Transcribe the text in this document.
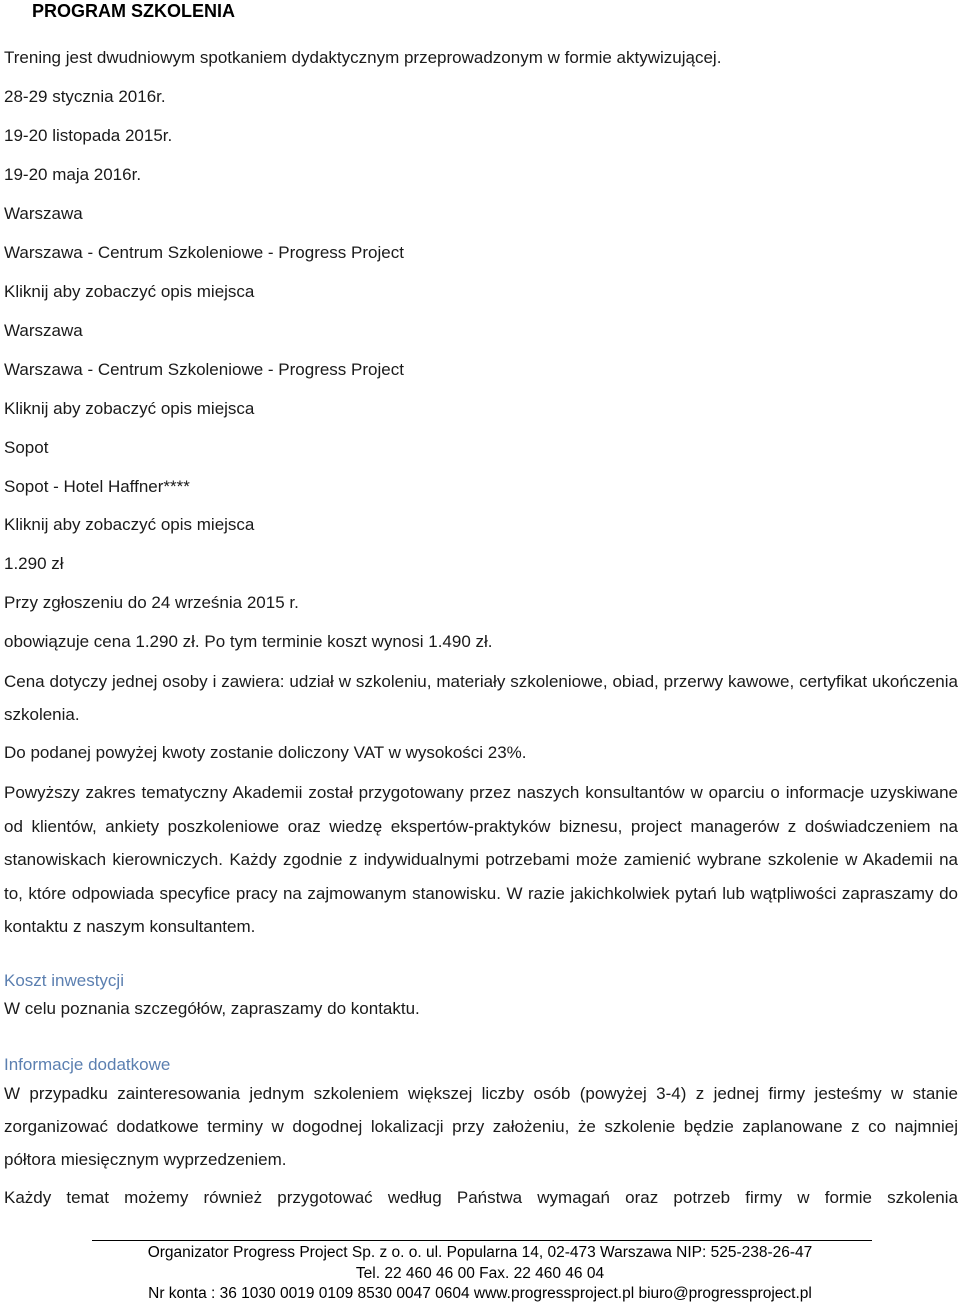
PROGRAM SZKOLENIA
Trening jest dwudniowym spotkaniem dydaktycznym przeprowadzonym w formie aktywizującej.
28-29 stycznia 2016r.
19-20 listopada 2015r.
19-20 maja 2016r.
Warszawa
Warszawa - Centrum Szkoleniowe - Progress Project
Kliknij aby zobaczyć opis miejsca
Warszawa
Warszawa - Centrum Szkoleniowe - Progress Project
Kliknij aby zobaczyć opis miejsca
Sopot
Sopot - Hotel Haffner****
Kliknij aby zobaczyć opis miejsca
1.290 zł
Przy zgłoszeniu do 24 września 2015 r.
obowiązuje cena 1.290 zł. Po tym terminie koszt wynosi 1.490 zł.
Cena dotyczy jednej osoby i zawiera: udział w szkoleniu, materiały szkoleniowe, obiad, przerwy kawowe, certyfikat ukończenia szkolenia.
Do podanej powyżej kwoty zostanie doliczony VAT w wysokości 23%.
Powyższy zakres tematyczny Akademii został przygotowany przez naszych konsultantów w oparciu o informacje uzyskiwane od klientów, ankiety poszkoleniowe oraz wiedzę ekspertów-praktyków biznesu, project managerów z doświadczeniem na stanowiskach kierowniczych. Każdy zgodnie z indywidualnymi potrzebami może zamienić wybrane szkolenie w Akademii na to, które odpowiada specyfice pracy na zajmowanym stanowisku. W razie jakichkolwiek pytań lub wątpliwości zapraszamy do kontaktu z naszym konsultantem.
Koszt inwestycji
W celu poznania szczegółów, zapraszamy do kontaktu.
Informacje dodatkowe
W przypadku zainteresowania jednym szkoleniem większej liczby osób (powyżej 3-4) z jednej firmy jesteśmy w stanie zorganizować dodatkowe terminy w dogodnej lokalizacji przy założeniu, że szkolenie będzie zaplanowane z co najmniej półtora miesięcznym wyprzedzeniem.
Każdy temat możemy również przygotować według Państwa wymagań oraz potrzeb firmy w formie szkolenia
Organizator Progress Project Sp. z o. o. ul. Popularna 14, 02-473 Warszawa NIP: 525-238-26-47
Tel. 22 460 46 00 Fax. 22 460 46 04
Nr konta : 36 1030 0019 0109 8530 0047 0604 www.progressproject.pl biuro@progressproject.pl
